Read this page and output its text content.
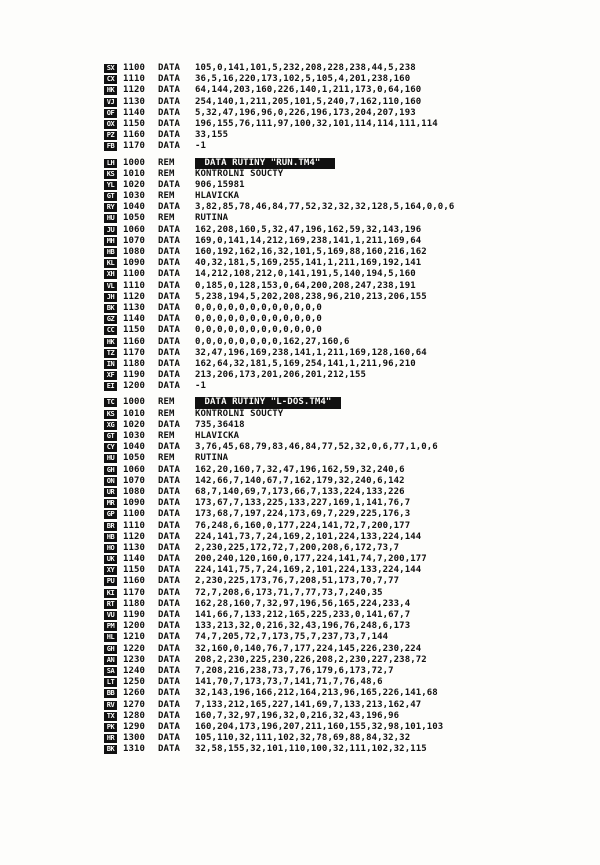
SX 1100 DATA 105,0,141,101,5,232,208,228,238,44,5,238
CX 1110 DATA 36,5,16,220,173,102,5,105,4,201,238,160
HK 1120 DATA 64,144,203,160,226,140,1,211,173,0,64,160
VJ 1130 DATA 254,140,1,211,205,101,5,240,7,162,110,160
OF 1140 DATA 5,32,47,196,96,0,226,196,173,204,207,193
OX 1150 DATA 196,155,76,111,97,100,32,101,114,114,111,114
PZ 1160 DATA 33,155
FB 1170 DATA -1
LH 1000 REM	DATA RUTINY "RUN.TM4"
KS 1010 REM KONTROLNI SOUCTY
YL 1020 DATA 906,15981
GT 1030 REM HLAVICKA
RY 1040 DATA 3,82,85,78,46,84,77,52,32,32,32,128,5,164,0,0,6
HU 1050 REM RUTINA
JU 1060 DATA 162,208,160,5,32,47,196,162,59,32,143,196
MH 1070 DATA 169,0,141,14,212,169,238,141,1,211,169,64
HB 1080 DATA 160,192,162,16,32,101,5,169,88,160,216,162
KL 1090 DATA 40,32,181,5,169,255,141,1,211,169,192,141
XH 1100 DATA 14,212,108,212,0,141,191,5,140,194,5,160
VL 1110 DATA 0,185,0,128,153,0,64,200,208,247,238,191
JH 1120 DATA 5,238,194,5,202,208,238,96,210,213,206,155
BK 1130 DATA 0,0,0,0,0,0,0,0,0,0,0,0
GZ 1140 DATA 0,0,0,0,0,0,0,0,0,0,0,0
CC 1150 DATA 0,0,0,0,0,0,0,0,0,0,0,0
HK 1160 DATA 0,0,0,0,0,0,0,0,162,27,160,6
TZ 1170 DATA 32,47,196,169,238,141,1,211,169,128,160,64
IN 1180 DATA 162,64,32,181,5,169,254,141,1,211,96,210
XF 1190 DATA 213,206,173,201,206,201,212,155
EI 1200 DATA -1
TC 1000 REM	DATA RUTINY "L-DOS.TM4"
KS 1010 REM KONTROLNI SOUCTY
XG 1020 DATA 735,36418
GT 1030 REM HLAVICKA
CY 1040 DATA 3,76,45,68,79,83,46,84,77,52,32,0,6,77,1,0,6
HU 1050 REM RUTINA
GH 1060 DATA 162,20,160,7,32,47,196,162,59,32,240,6
ON 1070 DATA 142,66,7,140,67,7,162,179,32,240,6,142
UR 1080 DATA 68,7,140,69,7,173,66,7,133,224,133,226
MR 1090 DATA 173,67,7,133,225,133,227,169,1,141,76,7
GP 1100 DATA 173,68,7,197,224,173,69,7,229,225,176,3
BR 1110 DATA 76,248,6,160,0,177,224,141,72,7,200,177
HB 1120 DATA 224,141,73,7,24,169,2,101,224,133,224,144
HO 1130 DATA 2,230,225,172,72,7,200,208,6,172,73,7
UK 1140 DATA 200,240,120,160,0,177,224,141,74,7,200,177
XY 1150 DATA 224,141,75,7,24,169,2,101,224,133,224,144
PU 1160 DATA 2,230,225,173,76,7,208,51,173,70,7,77
KI 1170 DATA 72,7,208,6,173,71,7,77,73,7,240,35
RT 1180 DATA 162,28,160,7,32,97,196,56,165,224,233,4
VU 1190 DATA 141,66,7,133,212,165,225,233,0,141,67,7
PM 1200 DATA 133,213,32,0,216,32,43,196,76,248,6,173
HL 1210 DATA 74,7,205,72,7,173,75,7,237,73,7,144
GH 1220 DATA 32,160,0,140,76,7,177,224,145,226,230,224
AN 1230 DATA 208,2,230,225,230,226,208,2,230,227,238,72
SA 1240 DATA 7,208,216,238,73,7,76,179,6,173,72,7
LT 1250 DATA 141,70,7,173,73,7,141,71,7,76,48,6
BB 1260 DATA 32,143,196,166,212,164,213,96,165,226,141,68
RV 1270 DATA 7,133,212,165,227,141,69,7,133,213,162,47
TX 1280 DATA 160,7,32,97,196,32,0,216,32,43,196,96
PK 1290 DATA 160,204,173,196,207,211,160,155,32,98,101,103
HR 1300 DATA 105,110,32,111,102,32,78,69,88,84,32,32
BK 1310 DATA 32,58,155,32,101,110,100,32,111,102,32,115
